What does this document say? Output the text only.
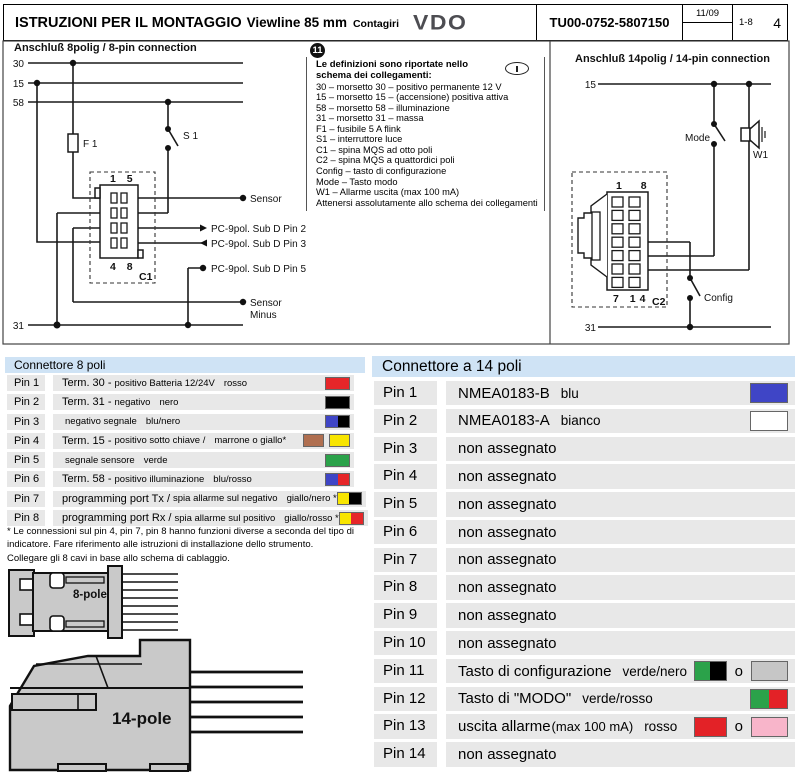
ISTRUZIONI PER IL MONTAGGIO Viewline 85 mm Contagiri VDO	TU00-0752-5807150
11/09
1-8 4
Anschluß 8polig / 8-pin connection
30
15
58
31
F 1
S 1
1 5
4 8
C1
Sensor
PC-9pol. Sub D Pin 2
PC-9pol. Sub D Pin 3
PC-9pol. Sub D Pin 5
Sensor
Minus
Anschluß 14polig / 14-pin connection
15
31
Mode
W1
Config
1 8
7 14 C2
8-pole
14-pole
11
Le definizioni sono riportate nello schema dei collegamenti:
30 – morsetto 30 – positivo permanente 12 V
15 – morsetto 15 – (accensione) positiva attiva
58 – morsetto 58 – illuminazione
31 – morsetto 31 – massa
F1 – fusibile 5 A flink
S1 – interruttore luce
C1 – spina MQS ad otto poli
C2 – spina MQS a quattordici poli
Config – tasto di configurazione
Mode – Tasto modo
W1 – Allarme uscita (max 100 mA)
Attenersi assolutamente allo schema dei collegamenti
Connettore 8 poli
Pin 1	Term. 30 - positivo Batteria 12/24V rosso
Pin 2	Term. 31 - negativo nero
Pin 3	negativo segnale blu/nero
Pin 4	Term. 15 - positivo sotto chiave / marrone o giallo*
Pin 5	segnale sensore verde
Pin 6	Term. 58 - positivo illuminazione blu/rosso
Pin 7	programming port Tx / spia allarme sul negativo giallo/nero *
Pin 8	programming port Rx / spia allarme sul positivo giallo/rosso *
* Le connessioni sul pin 4, pin 7, pin 8 hanno funzioni diverse a seconda del tipo di indicatore. Fare riferimento alle istruzioni di installazione dello strumento.
Collegare gli 8 cavi in base allo schema di cablaggio.
Connettore a 14 poli
Pin 1	NMEA0183-B blu
Pin 2	NMEA0183-A bianco
Pin 3	non assegnato
Pin 4	non assegnato
Pin 5	non assegnato
Pin 6	non assegnato
Pin 7	non assegnato
Pin 8	non assegnato
Pin 9	non assegnato
Pin 10	non assegnato
Pin 11	Tasto di configurazione verde/nero	o
Pin 12	Tasto di "MODO" verde/rosso
Pin 13	uscita allarme (max 100 mA) rosso	o
Pin 14	non assegnato
